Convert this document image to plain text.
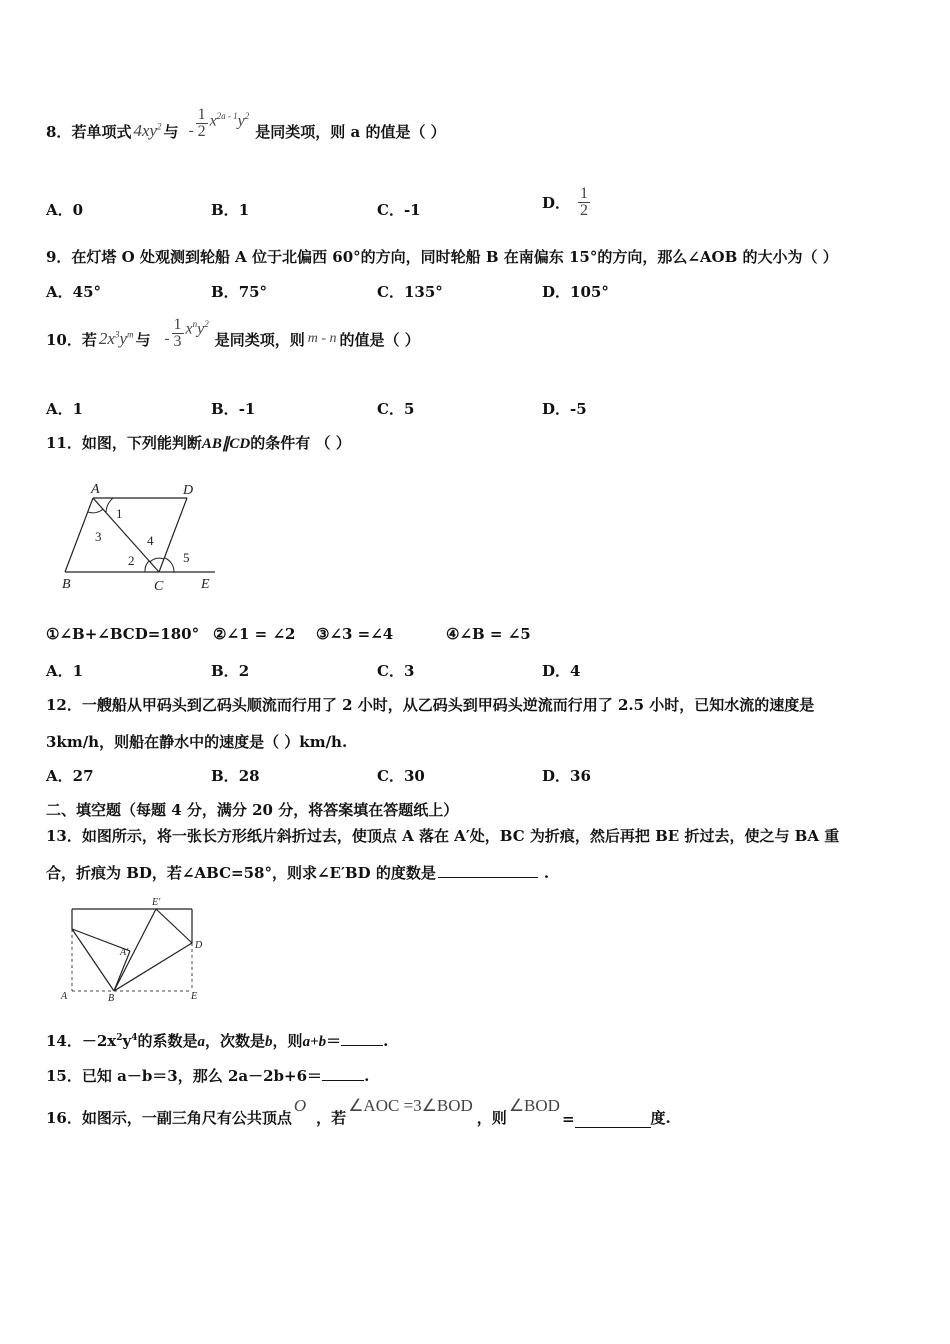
8． 若单项式 $4xy^2$ 与 - $\frac{1}{2} x^{2a - 1}y^2$
是同类项，则 a 的值是（ ）
A．0	B．1	C．-1	D． $\frac{1}{2}$
9．在灯塔 O 处观测到轮船 A 位于北偏西 60°的方向，同时轮船 B 在南偏东 15°的方向，那么∠AOB 的大小为（ ）
A．45°	B．75°	C．135°	D．105°
10． 若 $2x^3y^m$ 与 - $\frac{1}{3} x^ny^2$
是同类项，则 m - n 的值是（ ）
A．1	B．-1	C．5	D．-5
11．如图，下列能判断AB∥CD的条件有 （ ）
A	D
B	C	E
1
3
2
4
5
①∠B+∠BCD=180° ②∠1 = ∠2 ③∠3 =∠4	④∠B = ∠5
A．1	B．2	C．3	D．4
12．一艘船从甲码头到乙码头顺流而行用了 2 小时，从乙码头到甲码头逆流而行用了 2.5 小时，已知水流的速度是
3km/h，则船在静水中的速度是（ ）km/h.
A．27	B．28	C．30	D．36
二、填空题（每题 4 分，满分 20 分，将答案填在答题纸上）
13．如图所示，将一张长方形纸片斜折过去，使顶点 A 落在 A′处，BC 为折痕，然后再把 BE 折过去，使之与 BA 重
合，折痕为 BD，若∠ABC=58°，则求∠E′BD 的度数是	.
E'
A'
D
A	B	E
14．$-2x^2y^4$的系数是a，次数是b，则a+b＝	.
15．已知 a－b＝3，那么 2a－2b+6＝	.
16． 如图示，一副三角尺有公共顶点
O
，若
∠AOC =3∠BOD
，则
∠BOD
=	度.
